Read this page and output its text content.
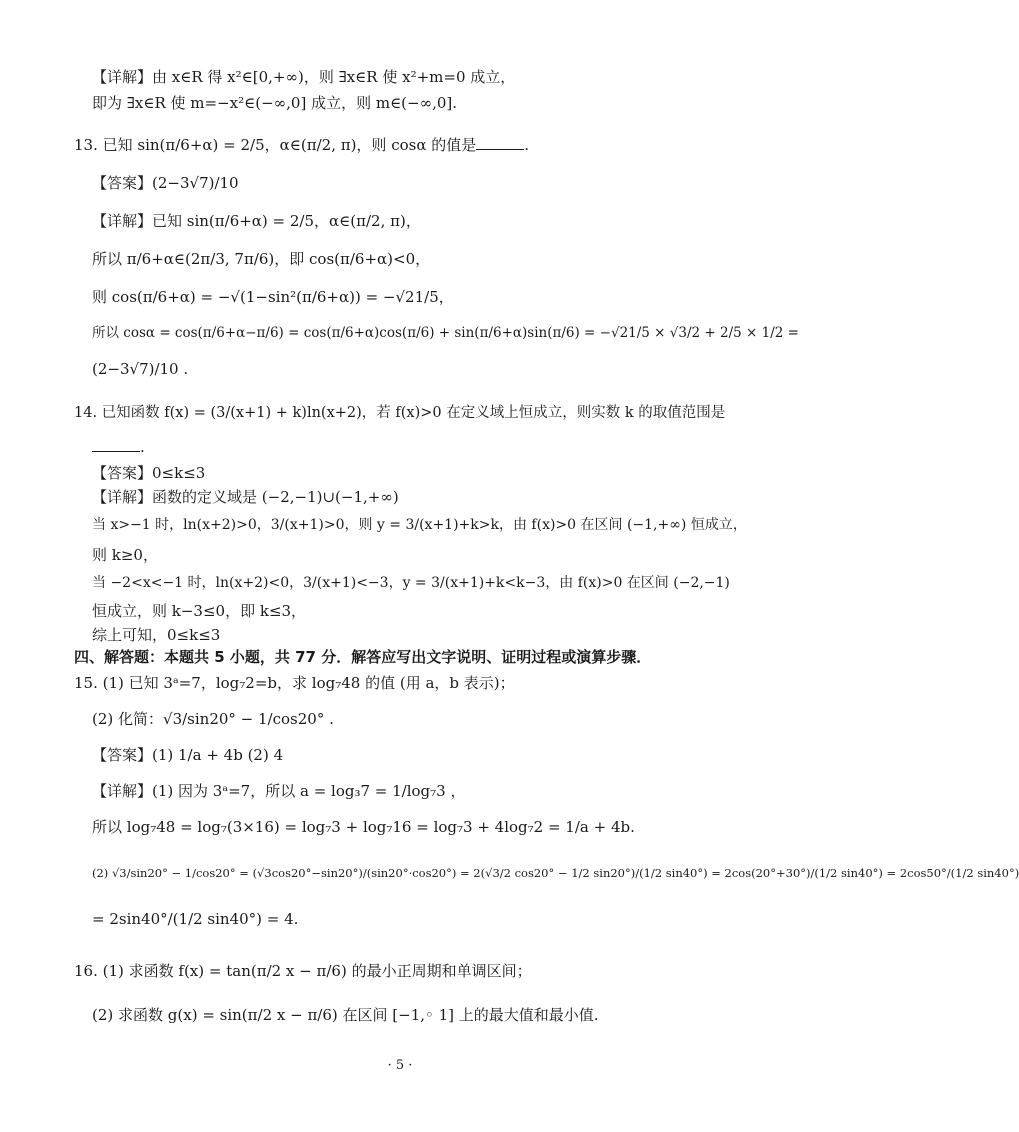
【详解】由 x∈R 得 x²∈[0,+∞)，则 ∃x∈R 使 x²+m=0 成立，
即为 ∃x∈R 使 m=−x²∈(−∞,0] 成立，则 m∈(−∞,0].
13. 已知 sin(π/6+α) = 2/5，α∈(π/2, π)，则 cosα 的值是	.
【答案】(2−3√7)/10
【详解】已知 sin(π/6+α) = 2/5，α∈(π/2, π)，
所以 π/6+α∈(2π/3, 7π/6)，即 cos(π/6+α)<0，
则 cos(π/6+α) = −√(1−sin²(π/6+α)) = −√21/5，
所以 cosα = cos(π/6+α−π/6) = cos(π/6+α)cos(π/6) + sin(π/6+α)sin(π/6) = −√21/5 × √3/2 + 2/5 × 1/2 =
(2−3√7)/10 .
14. 已知函数 f(x) = (3/(x+1) + k)ln(x+2)，若 f(x)>0 在定义域上恒成立，则实数 k 的取值范围是
.
【答案】0≤k≤3
【详解】函数的定义域是 (−2,−1)∪(−1,+∞)
当 x>−1 时，ln(x+2)>0，3/(x+1)>0，则 y = 3/(x+1)+k>k，由 f(x)>0 在区间 (−1,+∞) 恒成立，
则 k≥0，
当 −2<x<−1 时，ln(x+2)<0，3/(x+1)<−3，y = 3/(x+1)+k<k−3，由 f(x)>0 在区间 (−2,−1)
恒成立，则 k−3≤0，即 k≤3，
综上可知，0≤k≤3
四、解答题：本题共 5 小题，共 77 分．解答应写出文字说明、证明过程或演算步骤．
15. (1) 已知 3ᵃ=7，log₇2=b，求 log₇48 的值 (用 a，b 表示)；
(2) 化简：√3/sin20° − 1/cos20° .
【答案】(1) 1/a + 4b (2) 4
【详解】(1) 因为 3ᵃ=7，所以 a = log₃7 = 1/log₇3 ，
所以 log₇48 = log₇(3×16) = log₇3 + log₇16 = log₇3 + 4log₇2 = 1/a + 4b.
(2) √3/sin20° − 1/cos20° = (√3cos20°−sin20°)/(sin20°·cos20°) = 2(√3/2 cos20° − 1/2 sin20°)/(1/2 sin40°) = 2cos(20°+30°)/(1/2 sin40°) = 2cos50°/(1/2 sin40°)
= 2sin40°/(1/2 sin40°) = 4.
16. (1) 求函数 f(x) = tan(π/2 x − π/6) 的最小正周期和单调区间；
(2) 求函数 g(x) = sin(π/2 x − π/6) 在区间 [−1,◦ 1] 上的最大值和最小值.
· 5 ·
